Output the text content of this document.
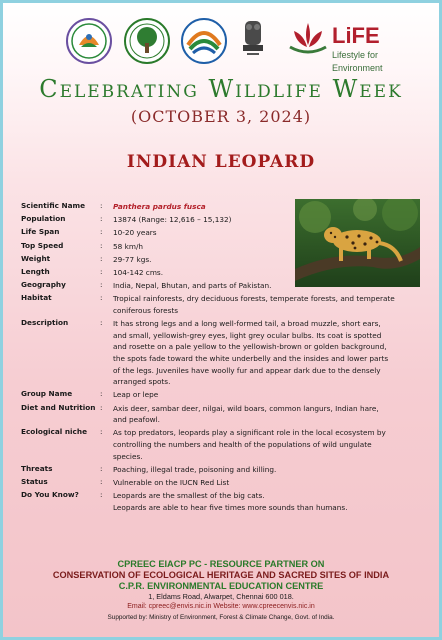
LiFE
Lifestyle for
Environment
Celebrating Wildlife Week
(OCTOBER 3, 2024)
INDIAN LEOPARD
Scientific Name	: Panthera pardus fusca
Population	: 13874 (Range: 12,616 – 15,132)
Life Span	: 10-20 years
Top Speed	: 58 km/h
Weight	: 29-77 kgs.
Length	: 104-142 cms.
Geography	: India, Nepal, Bhutan, and parts of Pakistan.
Habitat	: Tropical rainforests, dry deciduous forests, temperate forests, and temperate
coniferous forests
Description	: It has strong legs and a long well-formed tail, a broad muzzle, short ears,
and small, yellowish-grey eyes, light grey ocular bulbs. Its coat is spotted
and rosette on a pale yellow to the yellowish-brown or golden background,
the spots fade toward the white underbelly and the insides and lower parts
of the legs. Juveniles have woolly fur and appear dark due to the densely
arranged spots.
Group Name	: Leap or lepe
Diet and Nutrition : Axis deer, sambar deer, nilgai, wild boars, common langurs, Indian hare,
and peafowl.
Ecological niche	: As top predators, leopards play a significant role in the local ecosystem by
controlling the numbers and health of the populations of wild ungulate
species.
Threats	: Poaching, illegal trade, poisoning and killing.
Status	: Vulnerable on the IUCN Red List
Do You Know?	: Leopards are the smallest of the big cats.
Leopards are able to hear five times more sounds than humans.
CPREEC EIACP PC - RESOURCE PARTNER ON
CONSERVATION OF ECOLOGICAL HERITAGE AND SACRED SITES OF INDIA
C.P.R. ENVIRONMENTAL EDUCATION CENTRE
1, Eldams Road, Alwarpet, Chennai 600 018.
Email: cpreec@envis.nic.in Website: www.cpreecenvis.nic.in
Supported by: Ministry of Environment, Forest & Climate Change, Govt. of India.
